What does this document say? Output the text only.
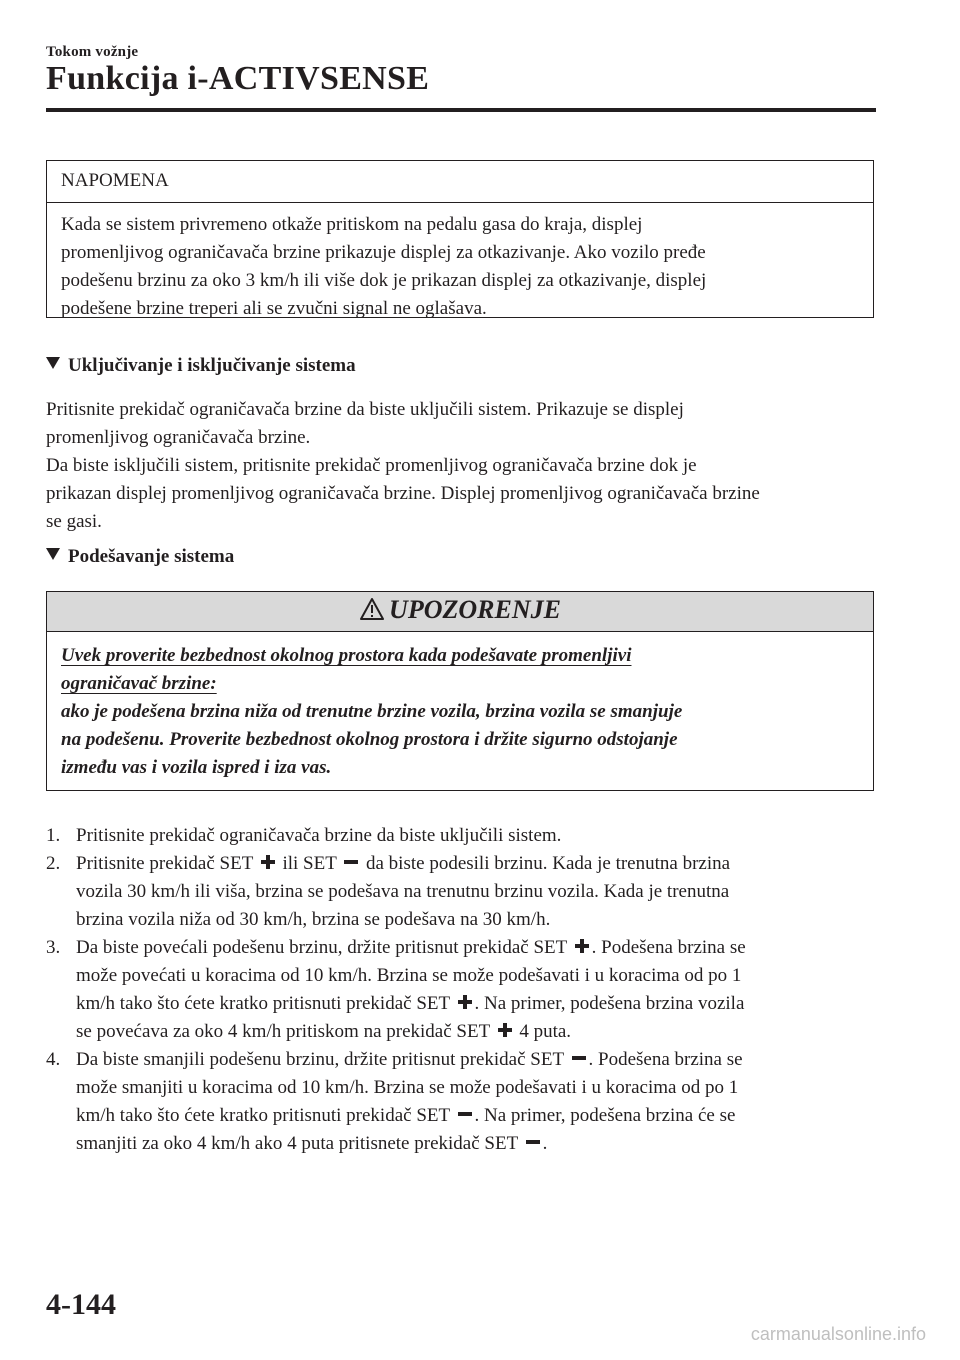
Tokom vožnje
Funkcija i-ACTIVSENSE
NAPOMENA
Kada se sistem privremeno otkaže pritiskom na pedalu gasa do kraja, displej
promenljivog ograničavača brzine prikazuje displej za otkazivanje. Ako vozilo pređe
podešenu brzinu za oko 3 km/h ili više dok je prikazan displej za otkazivanje, displej
podešene brzine treperi ali se zvučni signal ne oglašava.
Uključivanje i isključivanje sistema

Pritisnite prekidač ograničavača brzine da biste uključili sistem. Prikazuje se displej

promenljivog ograničavača brzine.

Da biste isključili sistem, pritisnite prekidač promenljivog ograničavača brzine dok je

prikazan displej promenljivog ograničavača brzine. Displej promenljivog ograničavača brzine

se gasi.

Podešavanje sistema
UPOZORENJE
Uvek proverite bezbednost okolnog prostora kada podešavate promenljivi
ograničavač brzine:
ako je podešena brzina niža od trenutne brzine vozila, brzina vozila se smanjuje
na podešenu. Proverite bezbednost okolnog prostora i držite sigurno odstojanje
između vas i vozila ispred i iza vas.
1. Pritisnite prekidač ograničavača brzine da biste uključili sistem.
2. Pritisnite prekidač SET  ili SET  da biste podesili brzinu. Kada je trenutna brzina
vozila 30 km/h ili viša, brzina se podešava na trenutnu brzinu vozila. Kada je trenutna
brzina vozila niža od 30 km/h, brzina se podešava na 30 km/h.
3. Da biste povećali podešenu brzinu, držite pritisnut prekidač SET . Podešena brzina se
može povećati u koracima od 10 km/h. Brzina se može podešavati i u koracima od po 1
km/h tako što ćete kratko pritisnuti prekidač SET . Na primer, podešena brzina vozila
se povećava za oko 4 km/h pritiskom na prekidač SET  4 puta.
4. Da biste smanjili podešenu brzinu, držite pritisnut prekidač SET . Podešena brzina se
može smanjiti u koracima od 10 km/h. Brzina se može podešavati i u koracima od po 1
km/h tako što ćete kratko pritisnuti prekidač SET . Na primer, podešena brzina će se
smanjiti za oko 4 km/h ako 4 puta pritisnete prekidač SET .
4-144
carmanualsonline.info
